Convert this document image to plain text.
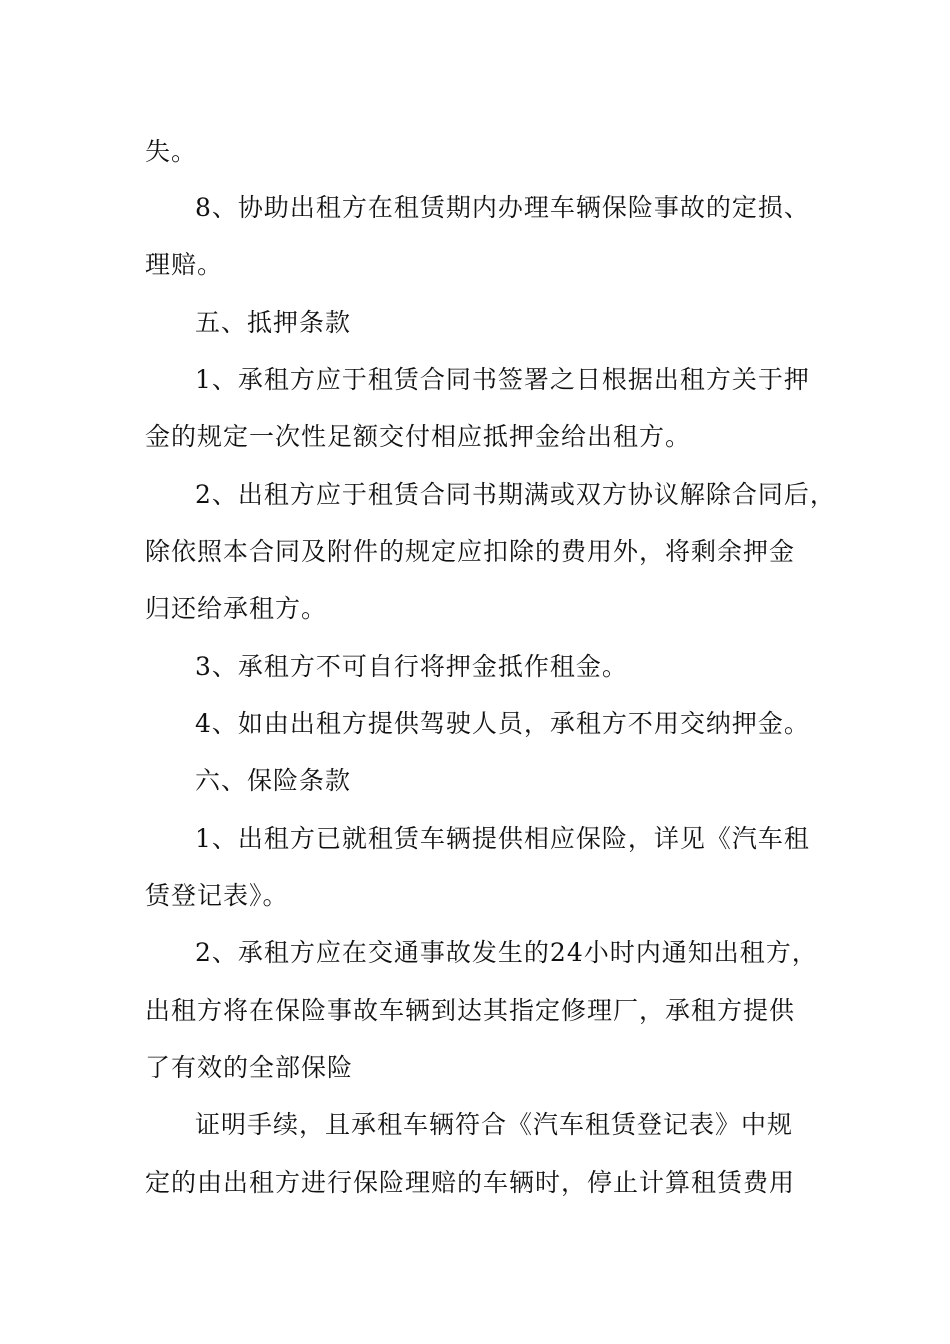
失。
8、协助出租方在租赁期内办理车辆保险事故的定损、
理赔。
五、抵押条款
1、承租方应于租赁合同书签署之日根据出租方关于押
金的规定一次性足额交付相应抵押金给出租方。
2、出租方应于租赁合同书期满或双方协议解除合同后，
除依照本合同及附件的规定应扣除的费用外，将剩余押金
归还给承租方。
3、承租方不可自行将押金抵作租金。
4、如由出租方提供驾驶人员，承租方不用交纳押金。
六、保险条款
1、出租方已就租赁车辆提供相应保险，详见《汽车租
赁登记表》。
2、承租方应在交通事故发生的24小时内通知出租方，
出租方将在保险事故车辆到达其指定修理厂，承租方提供
了有效的全部保险
证明手续，且承租车辆符合《汽车租赁登记表》中规
定的由出租方进行保险理赔的车辆时，停止计算租赁费用
